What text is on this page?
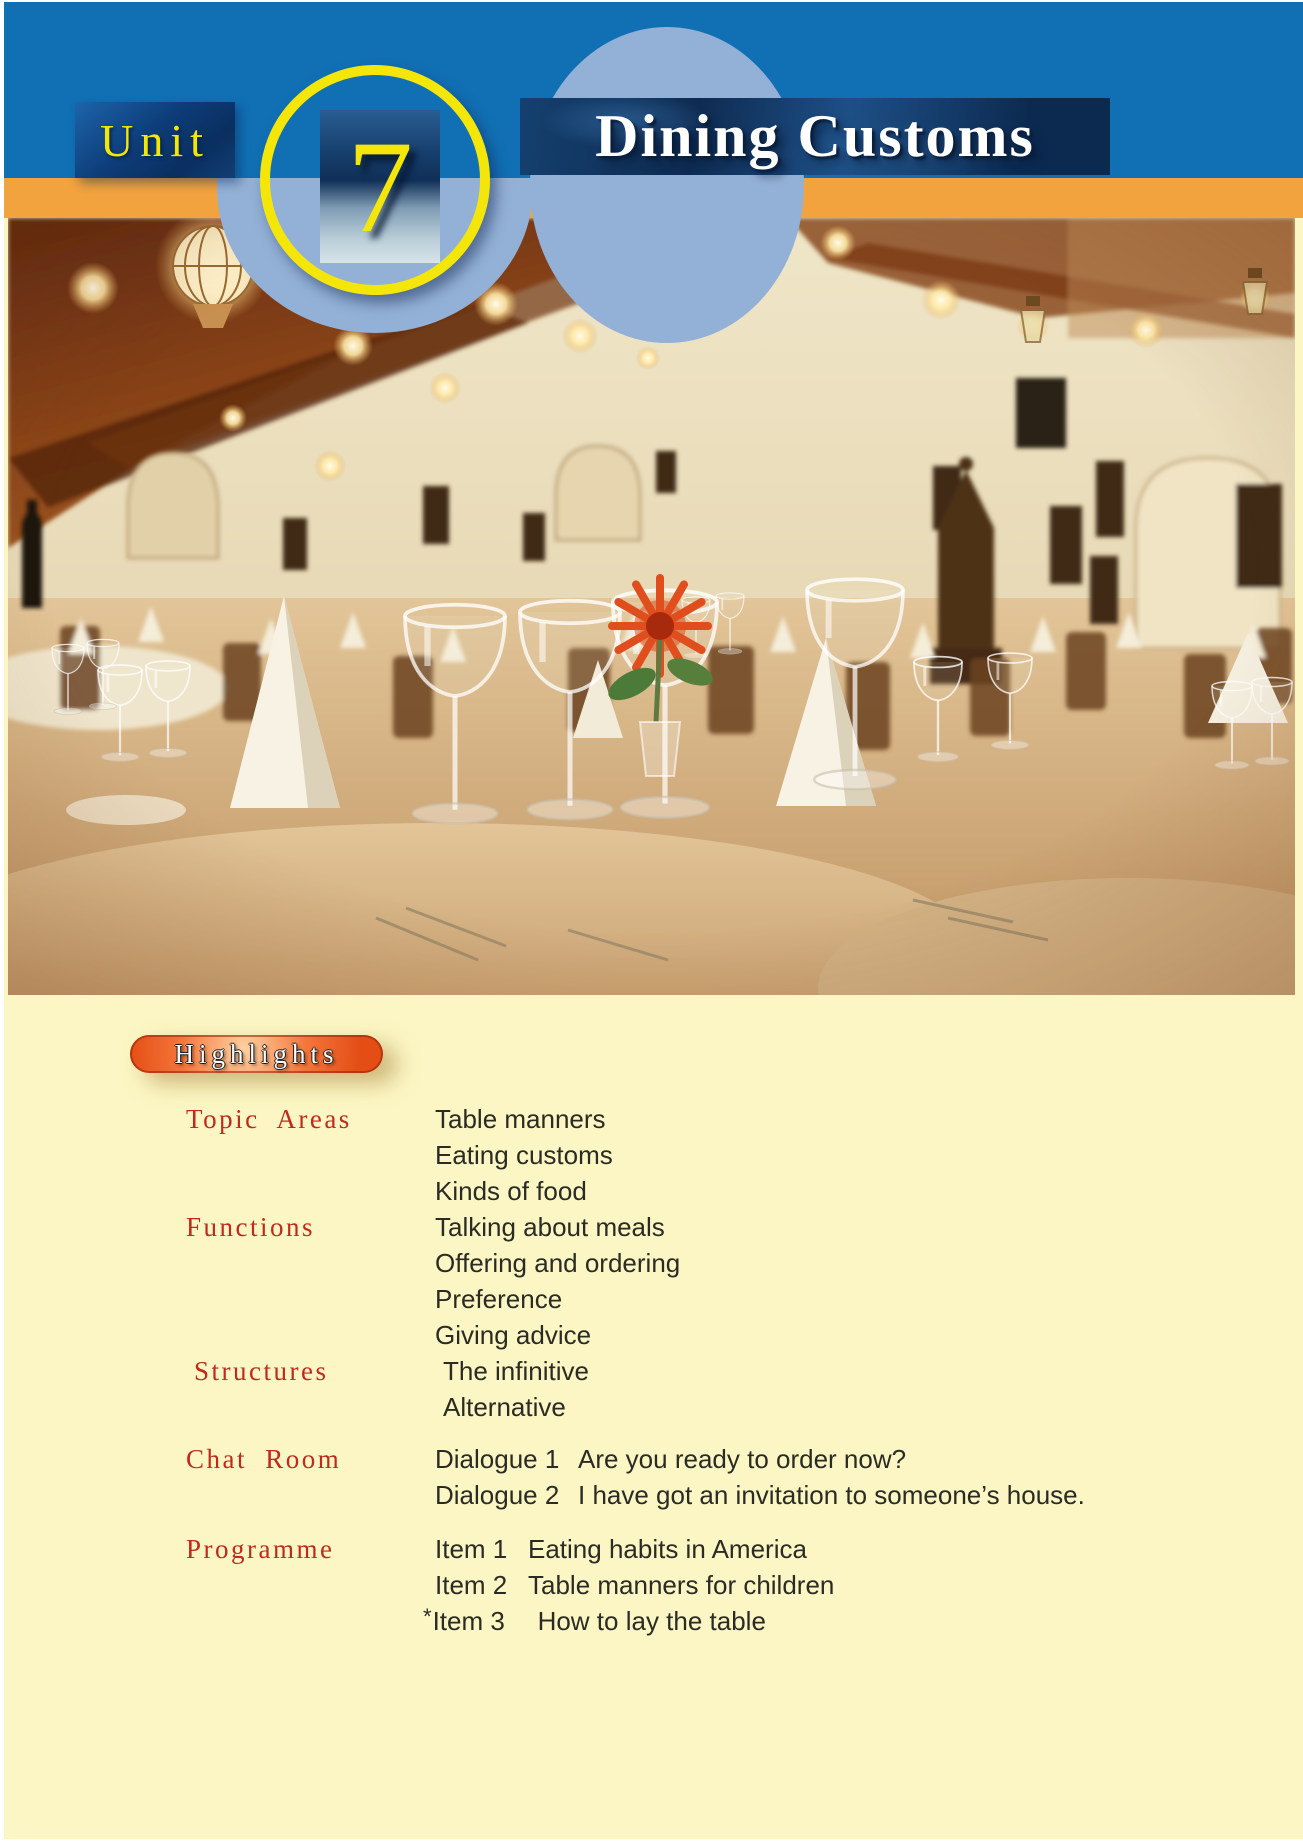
Unit	Dining Customs
7
Highlights
Topic Areas	Table manners
Eating customs
Kinds of food
Functions	Talking about meals
Offering and ordering
Preference
Giving advice
Structures	The infinitive
Alternative
Chat Room	Dialogue 1 Are you ready to order now?
Dialogue 2 I have got an invitation to someone’s house.
Programme	Item 1 Eating habits in America
Item 2 Table manners for children
*Item 3 How to lay the table
